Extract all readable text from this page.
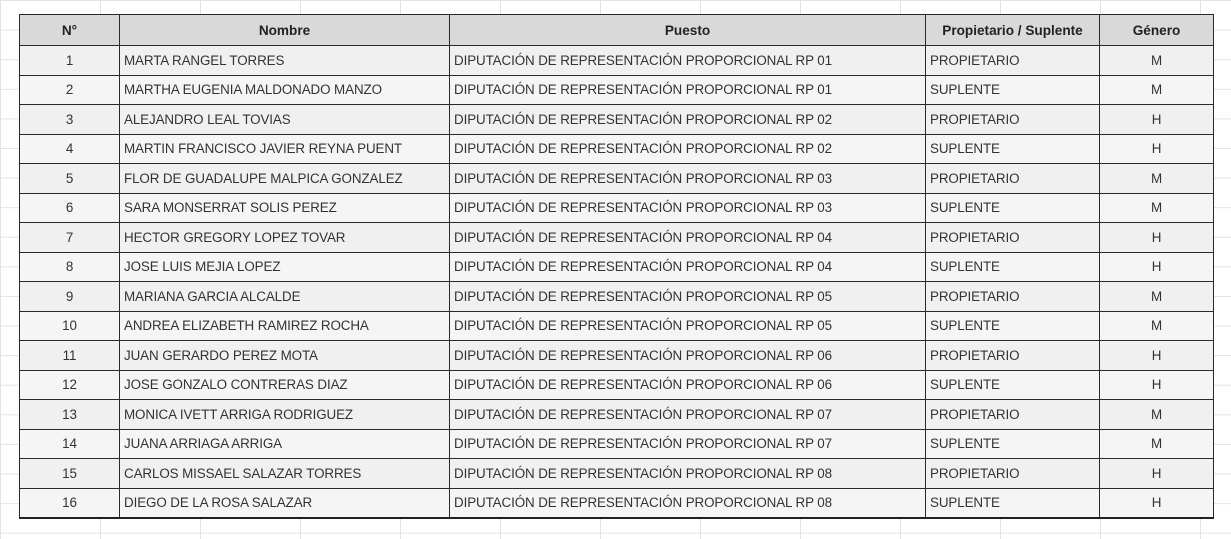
N°	Nombre	Puesto	Propietario / Suplente	Género
1	MARTA RANGEL TORRES	DIPUTACIÓN DE REPRESENTACIÓN PROPORCIONAL RP 01	PROPIETARIO	M
2	MARTHA EUGENIA MALDONADO MANZO	DIPUTACIÓN DE REPRESENTACIÓN PROPORCIONAL RP 01	SUPLENTE	M
3	ALEJANDRO LEAL TOVIAS	DIPUTACIÓN DE REPRESENTACIÓN PROPORCIONAL RP 02	PROPIETARIO	H
4	MARTIN FRANCISCO JAVIER REYNA PUENT	DIPUTACIÓN DE REPRESENTACIÓN PROPORCIONAL RP 02	SUPLENTE	H
5	FLOR DE GUADALUPE MALPICA GONZALEZ	DIPUTACIÓN DE REPRESENTACIÓN PROPORCIONAL RP 03	PROPIETARIO	M
6	SARA MONSERRAT SOLIS PEREZ	DIPUTACIÓN DE REPRESENTACIÓN PROPORCIONAL RP 03	SUPLENTE	M
7	HECTOR GREGORY LOPEZ TOVAR	DIPUTACIÓN DE REPRESENTACIÓN PROPORCIONAL RP 04	PROPIETARIO	H
8	JOSE LUIS MEJIA LOPEZ	DIPUTACIÓN DE REPRESENTACIÓN PROPORCIONAL RP 04	SUPLENTE	H
9	MARIANA GARCIA ALCALDE	DIPUTACIÓN DE REPRESENTACIÓN PROPORCIONAL RP 05	PROPIETARIO	M
10	ANDREA ELIZABETH RAMIREZ ROCHA	DIPUTACIÓN DE REPRESENTACIÓN PROPORCIONAL RP 05	SUPLENTE	M
11	JUAN GERARDO PEREZ MOTA	DIPUTACIÓN DE REPRESENTACIÓN PROPORCIONAL RP 06	PROPIETARIO	H
12	JOSE GONZALO CONTRERAS DIAZ	DIPUTACIÓN DE REPRESENTACIÓN PROPORCIONAL RP 06	SUPLENTE	H
13	MONICA IVETT ARRIGA RODRIGUEZ	DIPUTACIÓN DE REPRESENTACIÓN PROPORCIONAL RP 07	PROPIETARIO	M
14	JUANA ARRIAGA ARRIGA	DIPUTACIÓN DE REPRESENTACIÓN PROPORCIONAL RP 07	SUPLENTE	M
15	CARLOS MISSAEL SALAZAR TORRES	DIPUTACIÓN DE REPRESENTACIÓN PROPORCIONAL RP 08	PROPIETARIO	H
16	DIEGO DE LA ROSA SALAZAR	DIPUTACIÓN DE REPRESENTACIÓN PROPORCIONAL RP 08	SUPLENTE	H
